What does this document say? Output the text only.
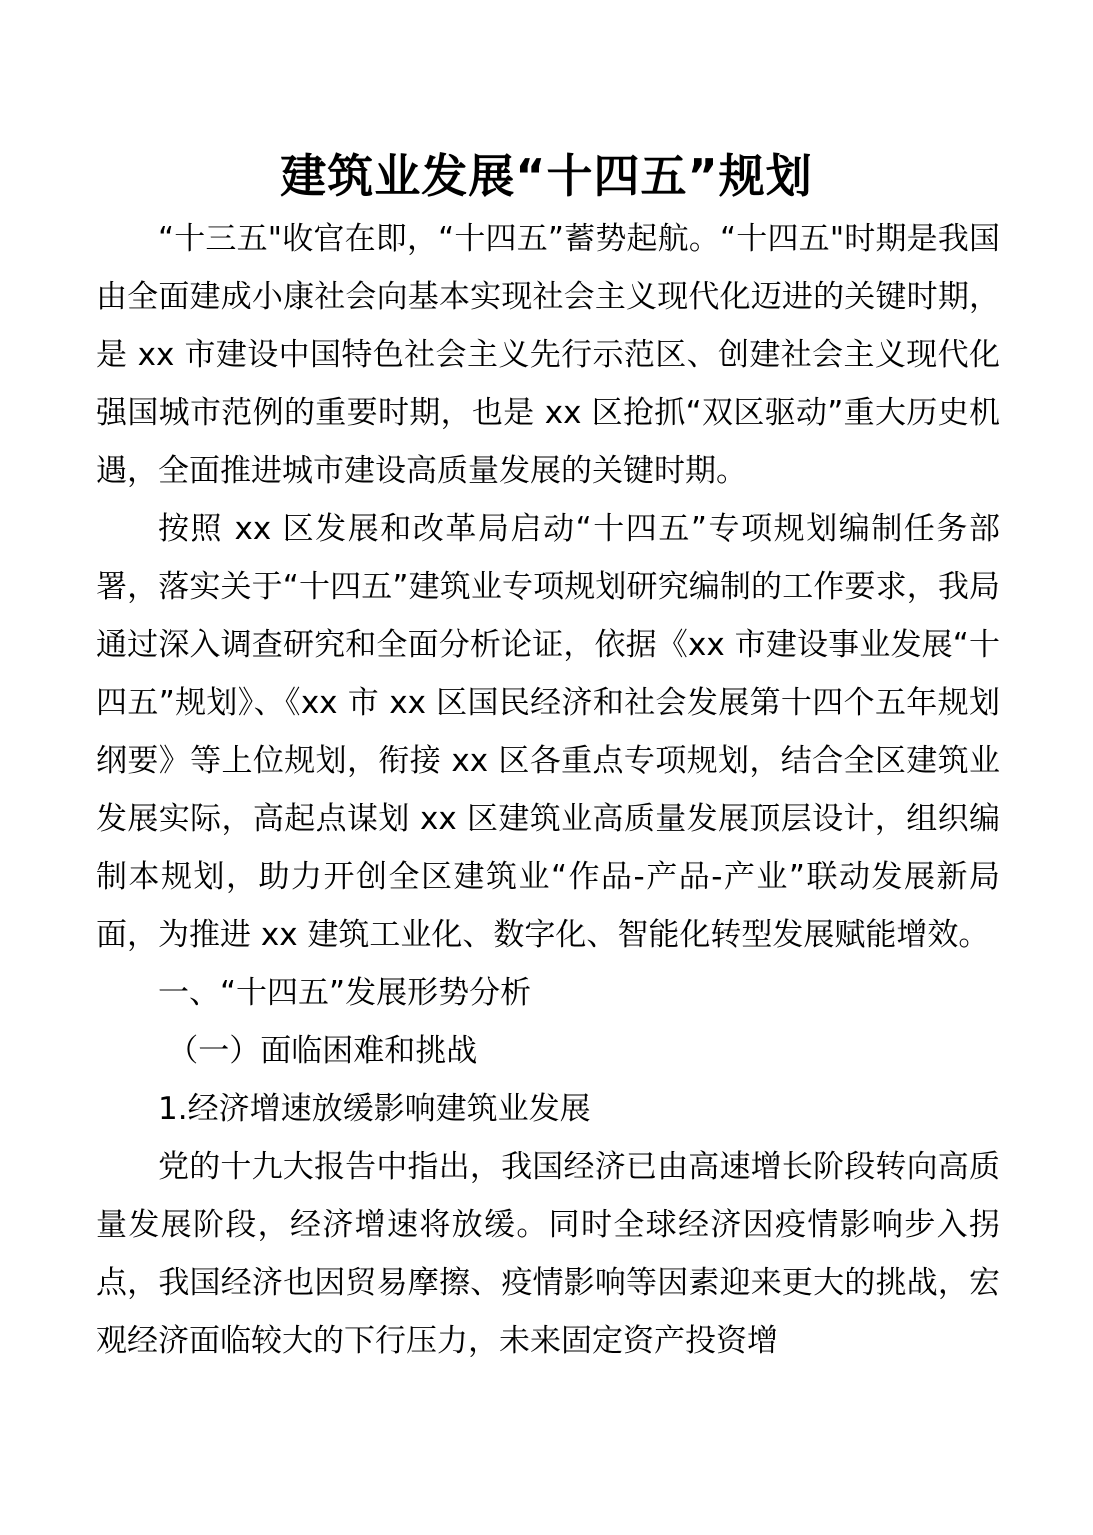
建筑业发展“十四五”规划

“十三五"收官在即，“十四五”蓄势起航。“十四五"时期是我国由全面建成小康社会向基本实现社会主义现代化迈进的关键时期，是 xx 市建设中国特色社会主义先行示范区、创建社会主义现代化强国城市范例的重要时期，也是 xx 区抢抓“双区驱动”重大历史机遇，全面推进城市建设高质量发展的关键时期。

按照 xx 区发展和改革局启动“十四五”专项规划编制任务部署，落实关于“十四五”建筑业专项规划研究编制的工作要求，我局通过深入调查研究和全面分析论证，依据《xx 市建设事业发展“十四五”规划》、《xx 市 xx 区国民经济和社会发展第十四个五年规划纲要》等上位规划，衔接 xx 区各重点专项规划，结合全区建筑业发展实际，高起点谋划 xx 区建筑业高质量发展顶层设计，组织编制本规划，助力开创全区建筑业“作品-产品-产业”联动发展新局面，为推进 xx 建筑工业化、数字化、智能化转型发展赋能增效。

一、“十四五”发展形势分析

（一）面临困难和挑战

1.经济增速放缓影响建筑业发展

党的十九大报告中指出，我国经济已由高速增长阶段转向高质量发展阶段，经济增速将放缓。同时全球经济因疫情影响步入拐点，我国经济也因贸易摩擦、疫情影响等因素迎来更大的挑战，宏观经济面临较大的下行压力，未来固定资产投资增
